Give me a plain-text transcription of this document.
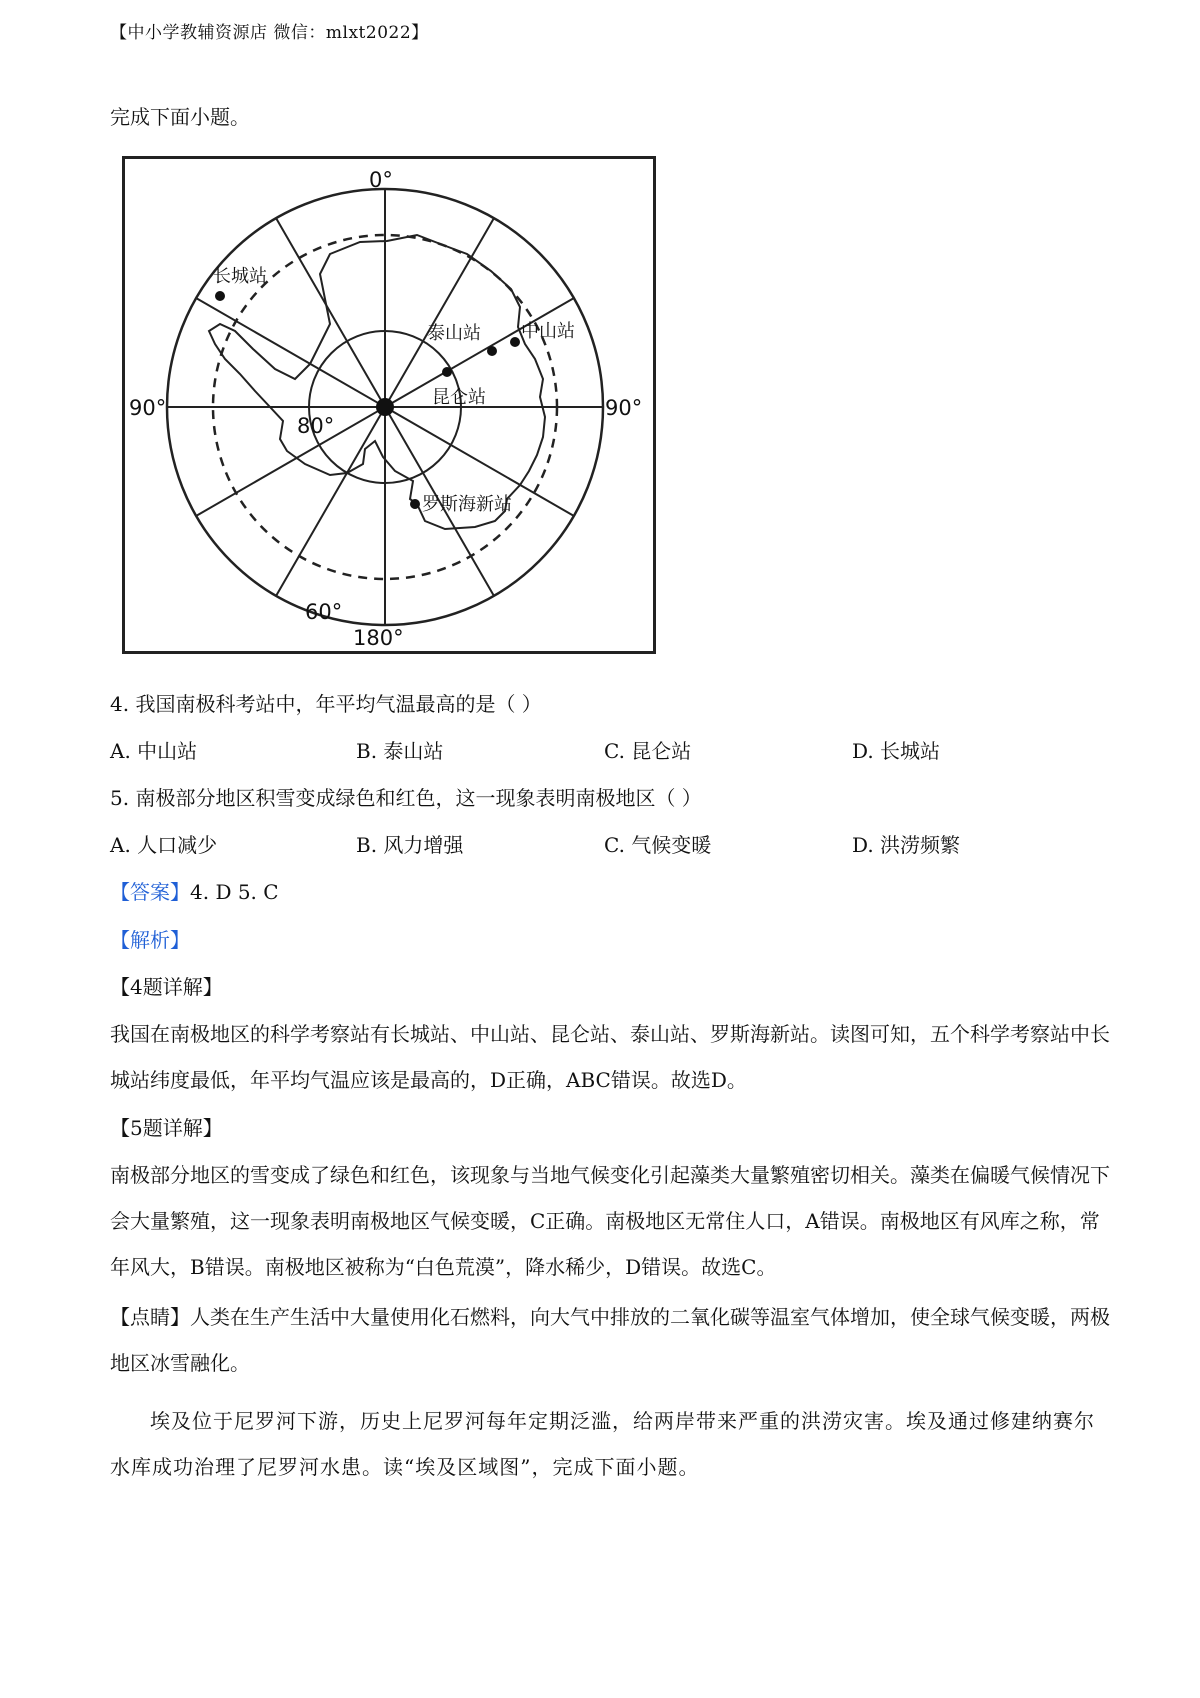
【中小学教辅资源店 微信：mlxt2022】
完成下面小题。
0°
90°	90°
180°
80°
60°
长城站
泰山站 中山站
昆仑站
罗斯海新站
4. 我国南极科考站中，年平均气温最高的是（ ）
A. 中山站	B. 泰山站	C. 昆仑站	D. 长城站
5. 南极部分地区积雪变成绿色和红色，这一现象表明南极地区（ ）
A. 人口减少	B. 风力增强	C. 气候变暖	D. 洪涝频繁
【答案】4. D 5. C
【解析】
【4题详解】
我国在南极地区的科学考察站有长城站、中山站、昆仑站、泰山站、罗斯海新站。读图可知，五个科学考察站中长城站纬度最低，年平均气温应该是最高的，D正确，ABC错误。故选D。
【5题详解】
南极部分地区的雪变成了绿色和红色，该现象与当地气候变化引起藻类大量繁殖密切相关。藻类在偏暖气候情况下会大量繁殖，这一现象表明南极地区气候变暖，C正确。南极地区无常住人口，A错误。南极地区有风库之称，常年风大，B错误。南极地区被称为“白色荒漠”，降水稀少，D错误。故选C。
【点睛】人类在生产生活中大量使用化石燃料，向大气中排放的二氧化碳等温室气体增加，使全球气候变暖，两极地区冰雪融化。
埃及位于尼罗河下游，历史上尼罗河每年定期泛滥，给两岸带来严重的洪涝灾害。埃及通过修建纳赛尔水库成功治理了尼罗河水患。读“埃及区域图”，完成下面小题。
